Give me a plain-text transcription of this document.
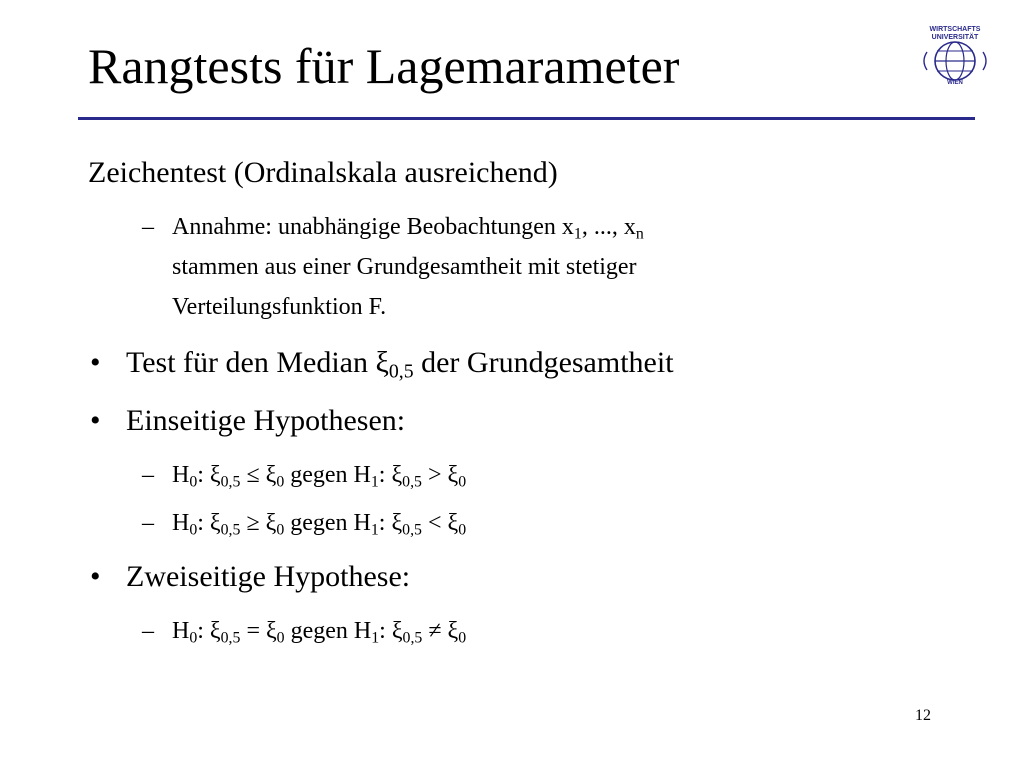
Rangtests für Lagemarameter
WIRTSCHAFTS
UNIVERSITÄT
WIEN
Zeichentest (Ordinalskala ausreichend)
– Annahme: unabhängige Beobachtungen $x_1$, ..., $x_n$
stammen aus einer Grundgesamtheit mit stetiger
Verteilungsfunktion F.
• Test für den Median $\xi_{0,5}$ der Grundgesamtheit
• Einseitige Hypothesen:
– $H_0$: $\xi_{0,5} \le \xi_0$ gegen $H_1$: $\xi_{0,5} > \xi_0$
– $H_0$: $\xi_{0,5} \ge \xi_0$ gegen $H_1$: $\xi_{0,5} < \xi_0$
• Zweiseitige Hypothese:
– $H_0$: $\xi_{0,5} = \xi_0$ gegen $H_1$: $\xi_{0,5} \ne \xi_0$
12
